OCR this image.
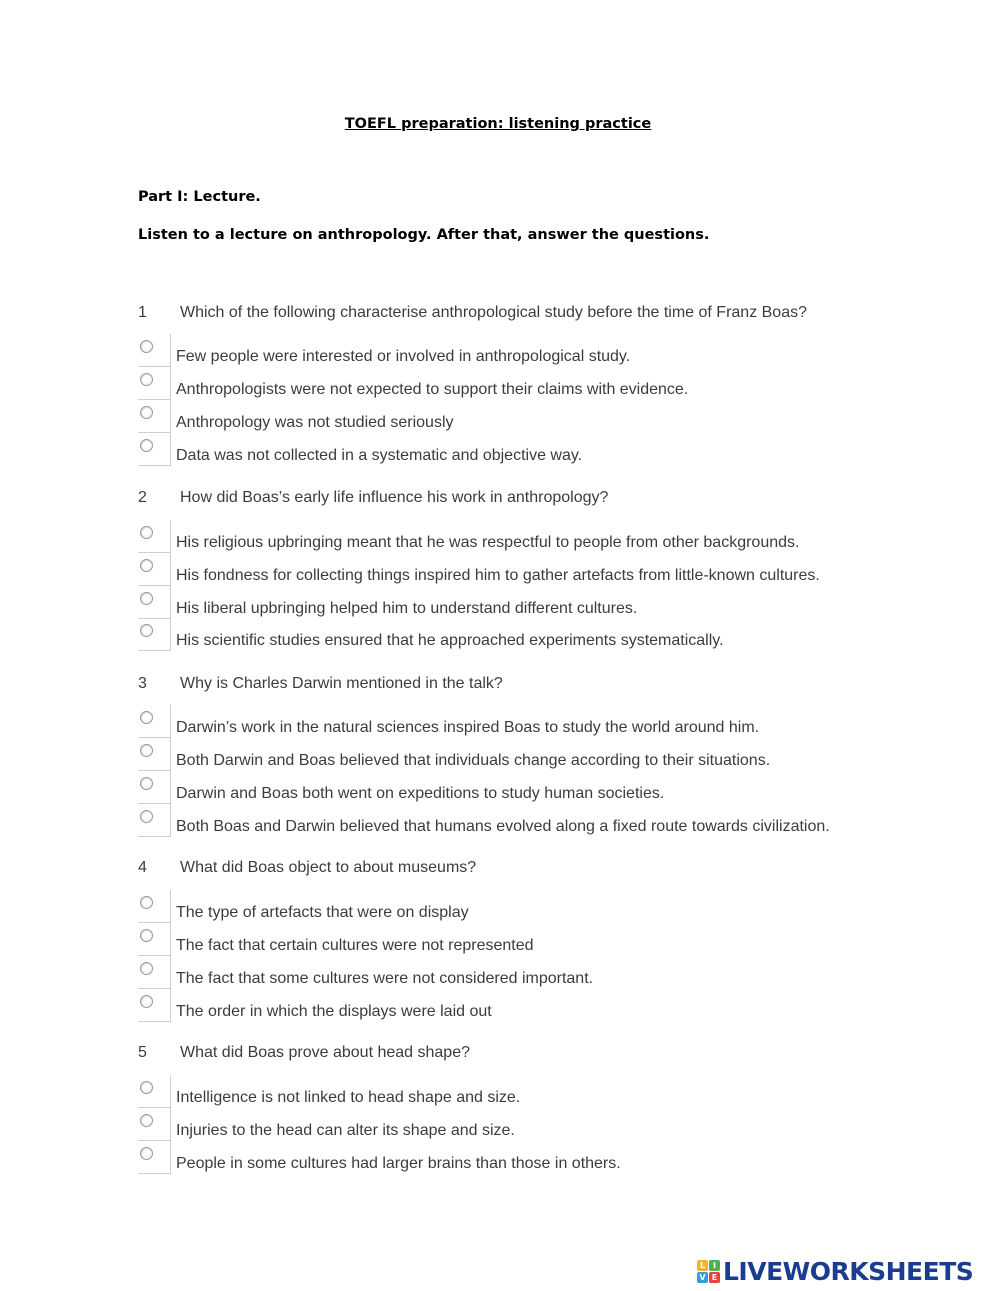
TOEFL preparation: listening practice
Part I: Lecture.
Listen to a lecture on anthropology. After that, answer the questions.
1 Which of the following characterise anthropological study before the time of Franz Boas?
Few people were interested or involved in anthropological study.
Anthropologists were not expected to support their claims with evidence.
Anthropology was not studied seriously
Data was not collected in a systematic and objective way.
2 How did Boas’s early life influence his work in anthropology?
His religious upbringing meant that he was respectful to people from other backgrounds.
His fondness for collecting things inspired him to gather artefacts from little-known cultures.
His liberal upbringing helped him to understand different cultures.
His scientific studies ensured that he approached experiments systematically.
3 Why is Charles Darwin mentioned in the talk?
Darwin’s work in the natural sciences inspired Boas to study the world around him.
Both Darwin and Boas believed that individuals change according to their situations.
Darwin and Boas both went on expeditions to study human societies.
Both Boas and Darwin believed that humans evolved along a fixed route towards civilization.
4 What did Boas object to about museums?
The type of artefacts that were on display
The fact that certain cultures were not represented
The fact that some cultures were not considered important.
The order in which the displays were laid out
5 What did Boas prove about head shape?
Intelligence is not linked to head shape and size.
Injuries to the head can alter its shape and size.
People in some cultures had larger brains than those in others.
L I
V E LIVEWORKSHEETS
